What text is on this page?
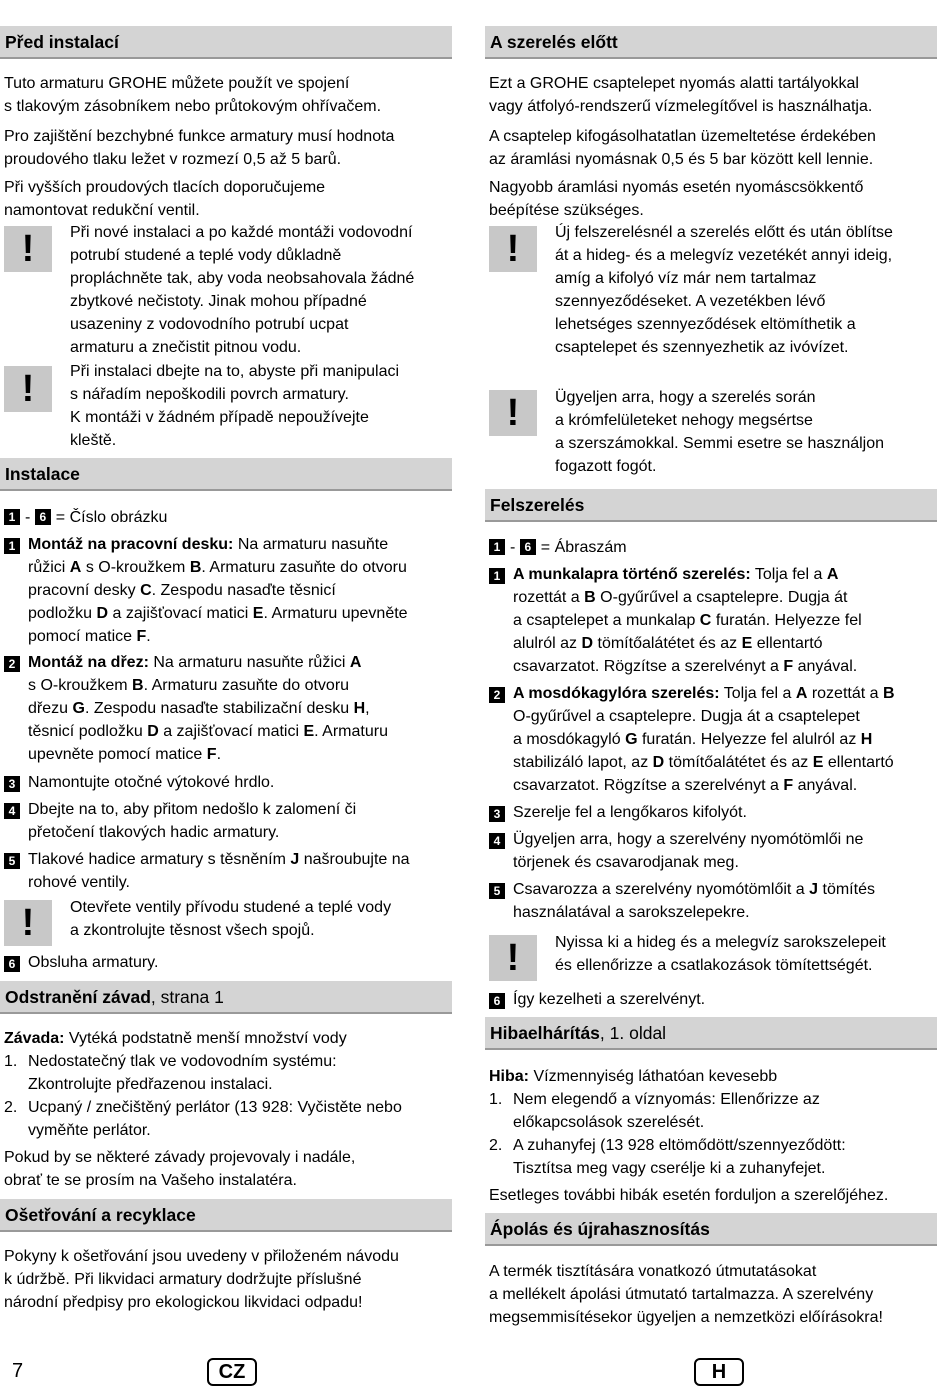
Před instalací
Tuto armaturu GROHE můžete použít ve spojení
s tlakovým zásobníkem nebo průtokovým ohřívačem.
Pro zajištění bezchybné funkce armatury musí hodnota
proudového tlaku ležet v rozmezí 0,5 až 5 barů.
Při vyšších proudových tlacích doporučujeme
namontovat redukční ventil.
!	Při nové instalaci a po každé montáži vodovodní
potrubí studené a teplé vody důkladně
propláchněte tak, aby voda neobsahovala žádné
zbytkové nečistoty. Jinak mohou případné
usazeniny z vodovodního potrubí ucpat
armaturu a znečistit pitnou vodu.
!	Při instalaci dbejte na to, abyste při manipulaci
s nářadím nepoškodili povrch armatury.
K montáži v žádném případě nepoužívejte
kleště.
Instalace
1 - 6 = Číslo obrázku
1 Montáž na pracovní desku: Na armaturu nasuňte
růžici A s O-kroužkem B. Armaturu zasuňte do otvoru
pracovní desky C. Zespodu nasaďte těsnicí
podložku D a zajišťovací matici E. Armaturu upevněte
pomocí matice F.
2 Montáž na dřez: Na armaturu nasuňte růžici A
s O-kroužkem B. Armaturu zasuňte do otvoru
dřezu G. Zespodu nasaďte stabilizační desku H,
těsnicí podložku D a zajišťovací matici E. Armaturu
upevněte pomocí matice F.
3 Namontujte otočné výtokové hrdlo.
4 Dbejte na to, aby přitom nedošlo k zalomení či
přetočení tlakových hadic armatury.
5 Tlakové hadice armatury s těsněním J našroubujte na
rohové ventily.
!	Otevřete ventily přívodu studené a teplé vody
a zkontrolujte těsnost všech spojů.
6 Obsluha armatury.
Odstranění závad, strana 1
Závada: Vytéká podstatně menší množství vody
1. Nedostatečný tlak ve vodovodním systému:
Zkontrolujte předřazenou instalaci.
2. Ucpaný / znečištěný perlátor (13 928: Vyčistěte nebo
vyměňte perlátor.
Pokud by se některé závady projevovaly i nadále,
obrať te se prosím na Vašeho instalatéra.
Ošetřování a recyklace
Pokyny k ošetřování jsou uvedeny v přiloženém návodu
k údržbě. Při likvidaci armatury dodržujte příslušné
národní předpisy pro ekologickou likvidaci odpadu!
A szerelés előtt
Ezt a GROHE csaptelepet nyomás alatti tartályokkal
vagy átfolyó-rendszerű vízmelegítővel is használhatja.
A csaptelep kifogásolhatatlan üzemeltetése érdekében
az áramlási nyomásnak 0,5 és 5 bar között kell lennie.
Nagyobb áramlási nyomás esetén nyomáscsökkentő
beépítése szükséges.
!	Új felszerelésnél a szerelés előtt és után öblítse
át a hideg- és a melegvíz vezetékét annyi ideig,
amíg a kifolyó víz már nem tartalmaz
szennyeződéseket. A vezetékben lévő
lehetséges szennyeződések eltömíthetik a
csaptelepet és szennyezhetik az ivóvízet.
!	Ügyeljen arra, hogy a szerelés során
a krómfelületeket nehogy megsértse
a szerszámokkal. Semmi esetre se használjon
fogazott fogót.
Felszerelés
1 - 6 = Ábraszám
1 A munkalapra történő szerelés: Tolja fel a A
rozettát a B O-gyűrűvel a csaptelepre. Dugja át
a csaptelepet a munkalap C furatán. Helyezze fel
alulról az D tömítőalátétet és az E ellentartó
csavarzatot. Rögzítse a szerelvényt a F anyával.
2 A mosdókagylóra szerelés: Tolja fel a A rozettát a B
O-gyűrűvel a csaptelepre. Dugja át a csaptelepet
a mosdókagyló G furatán. Helyezze fel alulról az H
stabilizáló lapot, az D tömítőalátétet és az E ellentartó
csavarzatot. Rögzítse a szerelvényt a F anyával.
3 Szerelje fel a lengőkaros kifolyót.
4 Ügyeljen arra, hogy a szerelvény nyomótömlői ne
törjenek és csavarodjanak meg.
5 Csavarozza a szerelvény nyomótömlőit a J tömítés
használatával a sarokszelepekre.
!	Nyissa ki a hideg és a melegvíz sarokszelepeit
és ellenőrizze a csatlakozások tömítettségét.
6 Így kezelheti a szerelvényt.
Hibaelhárítás, 1. oldal
Hiba: Vízmennyiség láthatóan kevesebb
1. Nem elegendő a víznyomás: Ellenőrizze az
előkapcsolások szerelését.
2. A zuhanyfej (13 928 eltömődött/szennyeződött:
Tisztítsa meg vagy cserélje ki a zuhanyfejet.
Esetleges további hibák esetén forduljon a szerelőjéhez.
Ápolás és újrahasznosítás
A termék tisztítására vonatkozó útmutatásokat
a mellékelt ápolási útmutató tartalmazza. A szerelvény
megsemmisítésekor ügyeljen a nemzetközi előírásokra!
7	CZ	H
